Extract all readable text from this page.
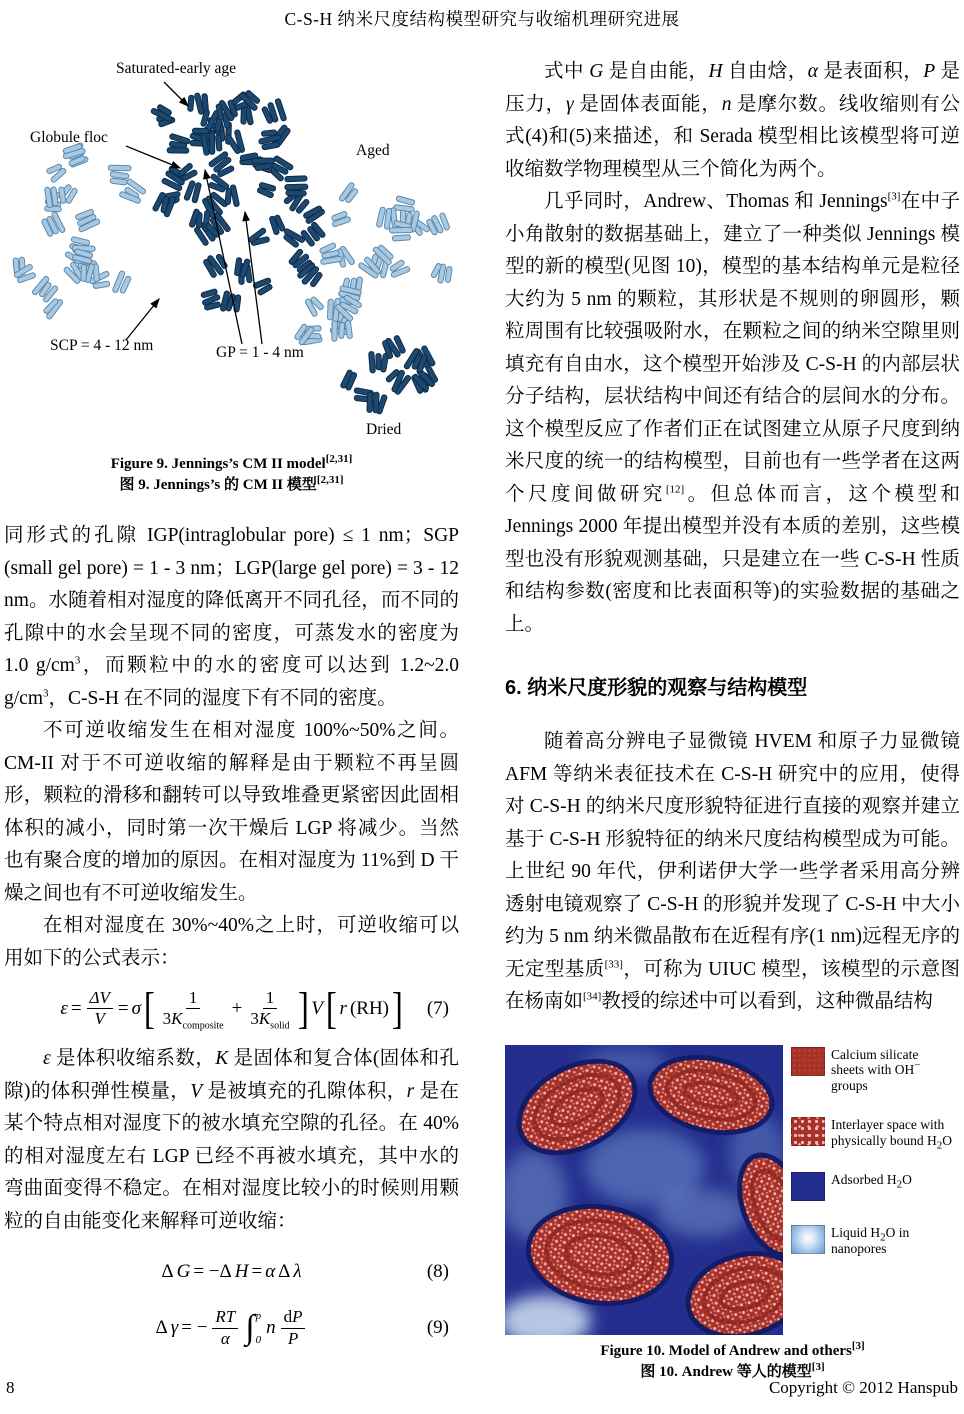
C-S-H 纳米尺度结构模型研究与收缩机理研究进展
Saturated-early age
Globule floc
Aged
SCP = 4 - 12 nm	GP = 1 - 4 nm
Dried
Figure 9. Jennings’s CM II model[2,31]
图 9. Jennings’s 的 CM II 模型[2,31]

同形式的孔隙 IGP(intraglobular pore) ≤ 1 nm；SGP (small gel pore) = 1 - 3 nm；LGP(large gel pore) = 3 - 12 nm。水随着相对湿度的降低离开不同孔径，而不同的孔隙中的水会呈现不同的密度，可蒸发水的密度为 1.0 $g/cm^3$，而颗粒中的水的密度可以达到 1.2~2.0 $g/cm^3$，C-S-H 在不同的湿度下有不同的密度。

不可逆收缩发生在相对湿度 100%~50%之间。CM-II 对于不可逆收缩的解释是由于颗粒不再呈圆形，颗粒的滑移和翻转可以导致堆叠更紧密因此固相体积的减小，同时第一次干燥后 LGP 将减少。当然也有聚合度的增加的原因。在相对湿度为 11%到 D 干燥之间也有不可逆收缩发生。

在相对湿度在 30%~40%之上时，可逆收缩可以用如下的公式表示：

$\varepsilon = \frac{\Delta V}{V} = \sigma$ [ $\frac{1}{3K_{composite}} + \frac{1}{3K_{solid}}$ ] V [ r (RH) ] (7)

ε 是体积收缩系数，K 是固体和复合体(固体和孔隙)的体积弹性模量，V 是被填充的孔隙体积，r 是在某个特点相对湿度下的被水填充空隙的孔径。在 40%的相对湿度左右 LGP 已经不再被水填充，其中水的弯曲面变得不稳定。在相对湿度比较小的时候则用颗粒的自由能变化来解释可逆收缩：

Δ G = −Δ H = α Δ λ	(8)
Δ γ = − $\frac{RT}{\alpha}$ ∫ p
0
n $\frac{dP}{P}$	(9)

式中 G 是自由能，H 自由焓，α 是表面积，P 是压力，γ 是固体表面能，n 是摩尔数。线收缩则有公式(4)和(5)来描述，和 Serada 模型相比该模型将可逆收缩数学物理模型从三个简化为两个。

几乎同时，Andrew、Thomas 和 Jennings[3]在中子小角散射的数据基础上，建立了一种类似 Jennings 模型的新的模型(见图 10)，模型的基本结构单元是粒径大约为 5 nm 的颗粒，其形状是不规则的卵圆形，颗粒周围有比较强吸附水，在颗粒之间的纳米空隙里则填充有自由水，这个模型开始涉及 C-S-H 的内部层状分子结构，层状结构中间还有结合的层间水的分布。这个模型反应了作者们正在试图建立从原子尺度到纳米尺度的统一的结构模型，目前也有一些学者在这两个尺度间做研究[12]。但总体而言，这个模型和 Jennings 2000 年提出模型并没有本质的差别，这些模型也没有形貌观测基础，只是建立在一些 C-S-H 性质和结构参数(密度和比表面积等)的实验数据的基础之上。

6. 纳米尺度形貌的观察与结构模型

随着高分辨电子显微镜 HVEM 和原子力显微镜 AFM 等纳米表征技术在 C-S-H 研究中的应用，使得对 C-S-H 的纳米尺度形貌特征进行直接的观察并建立基于 C-S-H 形貌特征的纳米尺度结构模型成为可能。上世纪 90 年代，伊利诺伊大学一些学者采用高分辨透射电镜观察了 C-S-H 的形貌并发现了 C-S-H 中大小约为 5 nm 纳米微晶散布在近程有序(1 nm)远程无序的无定型基质[33]，可称为 UIUC 模型，该模型的示意图在杨南如[34]教授的综述中可以看到，这种微晶结构

Calcium silicate sheets with OH− groups
Interlayer space with physically bound $H_2O$
Adsorbed $H_2O$
Liquid $H_2O$ in nanopores
Figure 10. Model of Andrew and others[3]
图 10. Andrew 等人的模型[3]
8	Copyright © 2012 Hanspub
